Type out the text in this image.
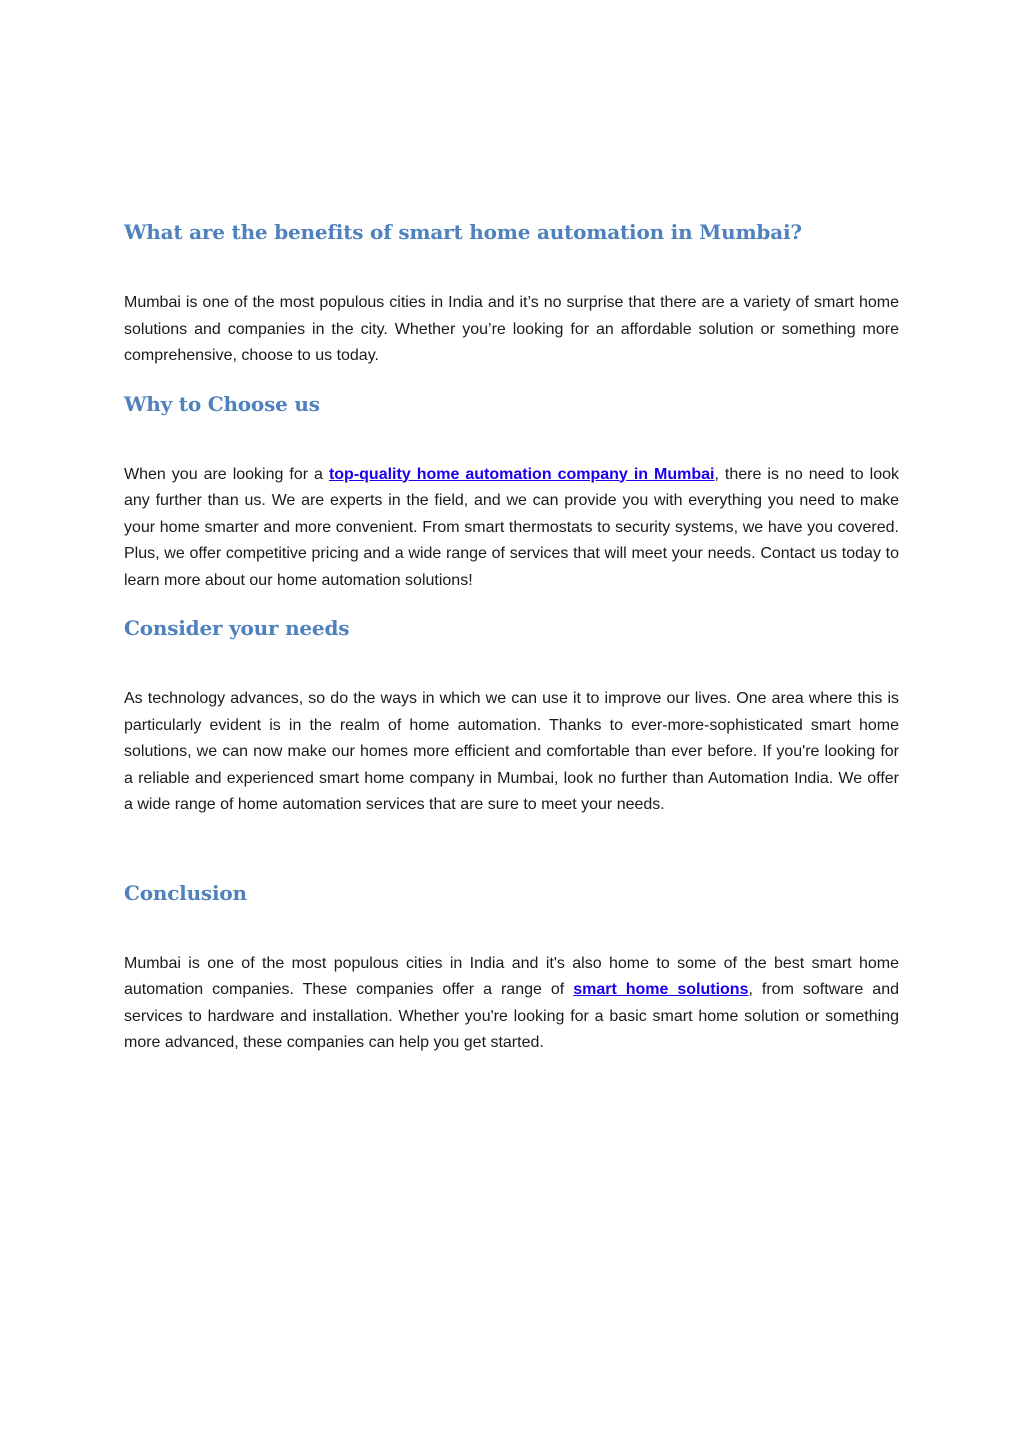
What are the benefits of smart home automation in Mumbai?

Mumbai is one of the most populous cities in India and it’s no surprise that there are a variety of smart home solutions and companies in the city. Whether you’re looking for an affordable solution or something more comprehensive, choose to us today.

Why to Choose us

When you are looking for a top-quality home automation company in Mumbai, there is no need to look any further than us. We are experts in the field, and we can provide you with everything you need to make your home smarter and more convenient. From smart thermostats to security systems, we have you covered. Plus, we offer competitive pricing and a wide range of services that will meet your needs. Contact us today to learn more about our home automation solutions!

Consider your needs

As technology advances, so do the ways in which we can use it to improve our lives. One area where this is particularly evident is in the realm of home automation. Thanks to ever-more-sophisticated smart home solutions, we can now make our homes more efficient and comfortable than ever before. If you're looking for a reliable and experienced smart home company in Mumbai, look no further than Automation India. We offer a wide range of home automation services that are sure to meet your needs.

Conclusion

Mumbai is one of the most populous cities in India and it's also home to some of the best smart home automation companies. These companies offer a range of smart home solutions, from software and services to hardware and installation. Whether you're looking for a basic smart home solution or something more advanced, these companies can help you get started.
